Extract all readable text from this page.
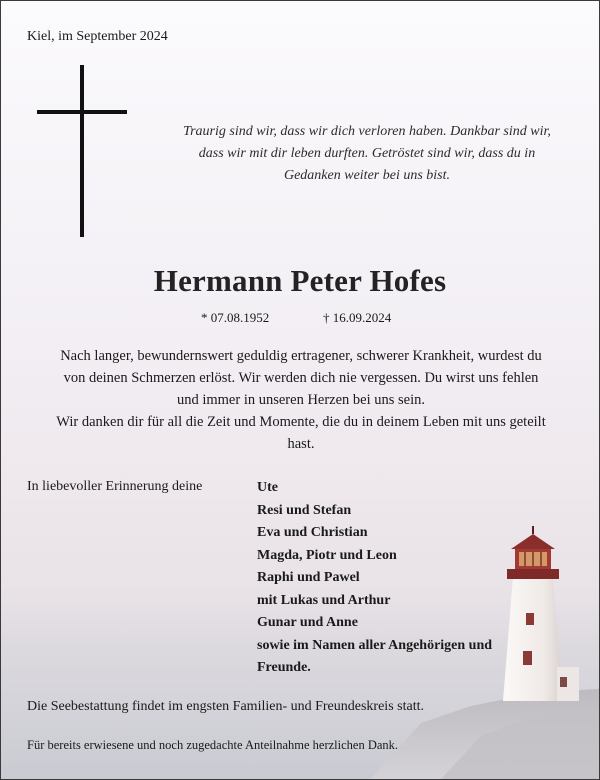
Kiel, im September 2024
Traurig sind wir, dass wir dich verloren haben. Dankbar sind wir,
dass wir mit dir leben durften. Getröstet sind wir, dass du in
Gedanken weiter bei uns bist.
Hermann Peter Hofes
* 07.08.1952	† 16.09.2024
Nach langer, bewundernswert geduldig ertragener, schwerer Krankheit, wurdest du
von deinen Schmerzen erlöst. Wir werden dich nie vergessen. Du wirst uns fehlen
und immer in unseren Herzen bei uns sein.
Wir danken dir für all die Zeit und Momente, die du in deinem Leben mit uns geteilt
hast.
In liebevoller Erinnerung deine	Ute
Resi und Stefan
Eva und Christian
Magda, Piotr und Leon
Raphi und Pawel
mit Lukas und Arthur
Gunar und Anne
sowie im Namen aller Angehörigen und
Freunde.
Die Seebestattung findet im engsten Familien- und Freundeskreis statt.
Für bereits erwiesene und noch zugedachte Anteilnahme herzlichen Dank.
